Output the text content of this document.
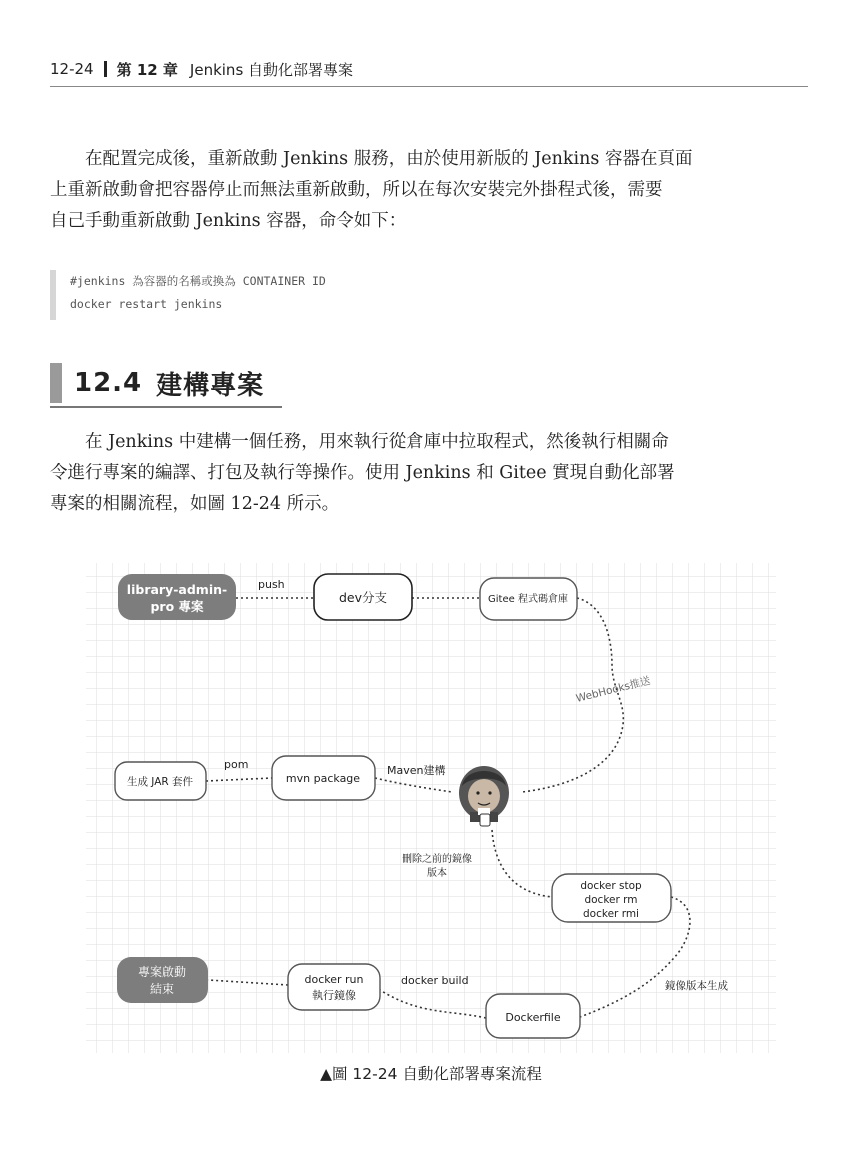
12-24 第 12 章 Jenkins 自動化部署專案

在配置完成後，重新啟動 Jenkins 服務，由於使用新版的 Jenkins 容器在頁面
上重新啟動會把容器停止而無法重新啟動，所以在每次安裝完外掛程式後，需要
自己手動重新啟動 Jenkins 容器，命令如下：

#jenkins 為容器的名稱或換為 CONTAINER ID
docker restart jenkins
12.4 建構專案

在 Jenkins 中建構一個任務，用來執行從倉庫中拉取程式，然後執行相關命
令進行專案的編譯、打包及執行等操作。使用 Jenkins 和 Gitee 實現自動化部署
專案的相關流程，如圖 12-24 所示。

library-admin-
pro 專案
dev分支	Gitee 程式碼倉庫
生成 JAR 套件	mvn package
docker stop
docker rm
docker rmi
專案啟動
結束
docker run
執行鏡像
Dockerfile
push
WebHooks推送
pom	Maven建構
刪除之前的鏡像
版本
docker build	鏡像版本生成
▲圖 12-24 自動化部署專案流程
